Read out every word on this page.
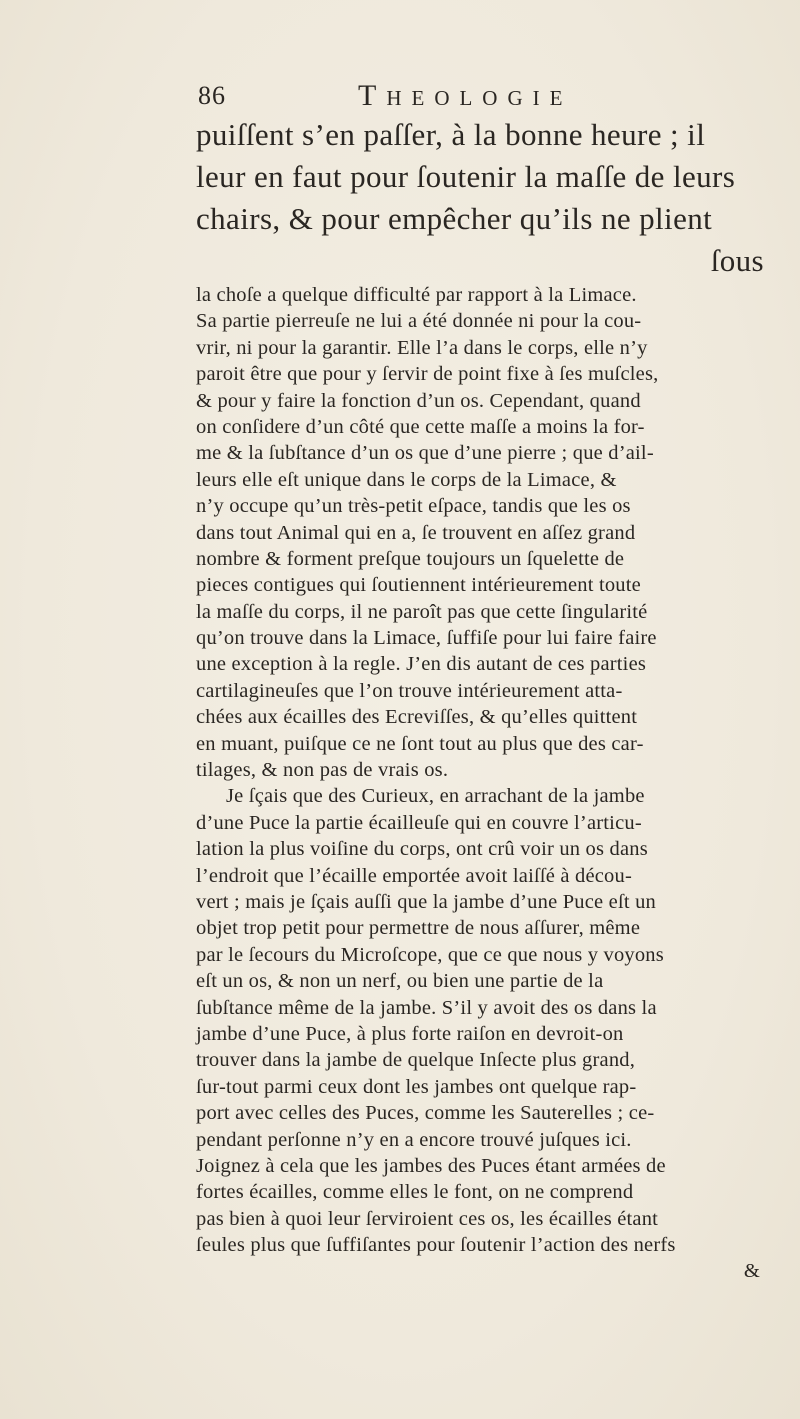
86	Theologie
puiſſent s’en paſſer, à la bonne heure ; il
leur en faut pour ſoutenir la maſſe de leurs
chairs, & pour empêcher qu’ils ne plient
ſous
la choſe a quelque difficulté par rapport à la Limace.
Sa partie pierreuſe ne lui a été donnée ni pour la cou-
vrir, ni pour la garantir. Elle l’a dans le corps, elle n’y
paroit être que pour y ſervir de point fixe à ſes muſcles,
& pour y faire la fonction d’un os. Cependant, quand
on conſidere d’un côté que cette maſſe a moins la for-
me & la ſubſtance d’un os que d’une pierre ; que d’ail-
leurs elle eſt unique dans le corps de la Limace, &
n’y occupe qu’un très-petit eſpace, tandis que les os
dans tout Animal qui en a, ſe trouvent en aſſez grand
nombre & forment preſque toujours un ſquelette de
pieces contigues qui ſoutiennent intérieurement toute
la maſſe du corps, il ne paroît pas que cette ſingularité
qu’on trouve dans la Limace, ſuffiſe pour lui faire faire
une exception à la regle. J’en dis autant de ces parties
cartilagineuſes que l’on trouve intérieurement atta-
chées aux écailles des Ecreviſſes, & qu’elles quittent
en muant, puiſque ce ne ſont tout au plus que des car-
tilages, & non pas de vrais os.
Je ſçais que des Curieux, en arrachant de la jambe
d’une Puce la partie écailleuſe qui en couvre l’articu-
lation la plus voiſine du corps, ont crû voir un os dans
l’endroit que l’écaille emportée avoit laiſſé à décou-
vert ; mais je ſçais auſſi que la jambe d’une Puce eſt un
objet trop petit pour permettre de nous aſſurer, même
par le ſecours du Microſcope, que ce que nous y voyons
eſt un os, & non un nerf, ou bien une partie de la
ſubſtance même de la jambe. S’il y avoit des os dans la
jambe d’une Puce, à plus forte raiſon en devroit-on
trouver dans la jambe de quelque Inſecte plus grand,
ſur-tout parmi ceux dont les jambes ont quelque rap-
port avec celles des Puces, comme les Sauterelles ; ce-
pendant perſonne n’y en a encore trouvé juſques ici.
Joignez à cela que les jambes des Puces étant armées de
fortes écailles, comme elles le font, on ne comprend
pas bien à quoi leur ſerviroient ces os, les écailles étant
ſeules plus que ſuffiſantes pour ſoutenir l’action des nerfs
&
